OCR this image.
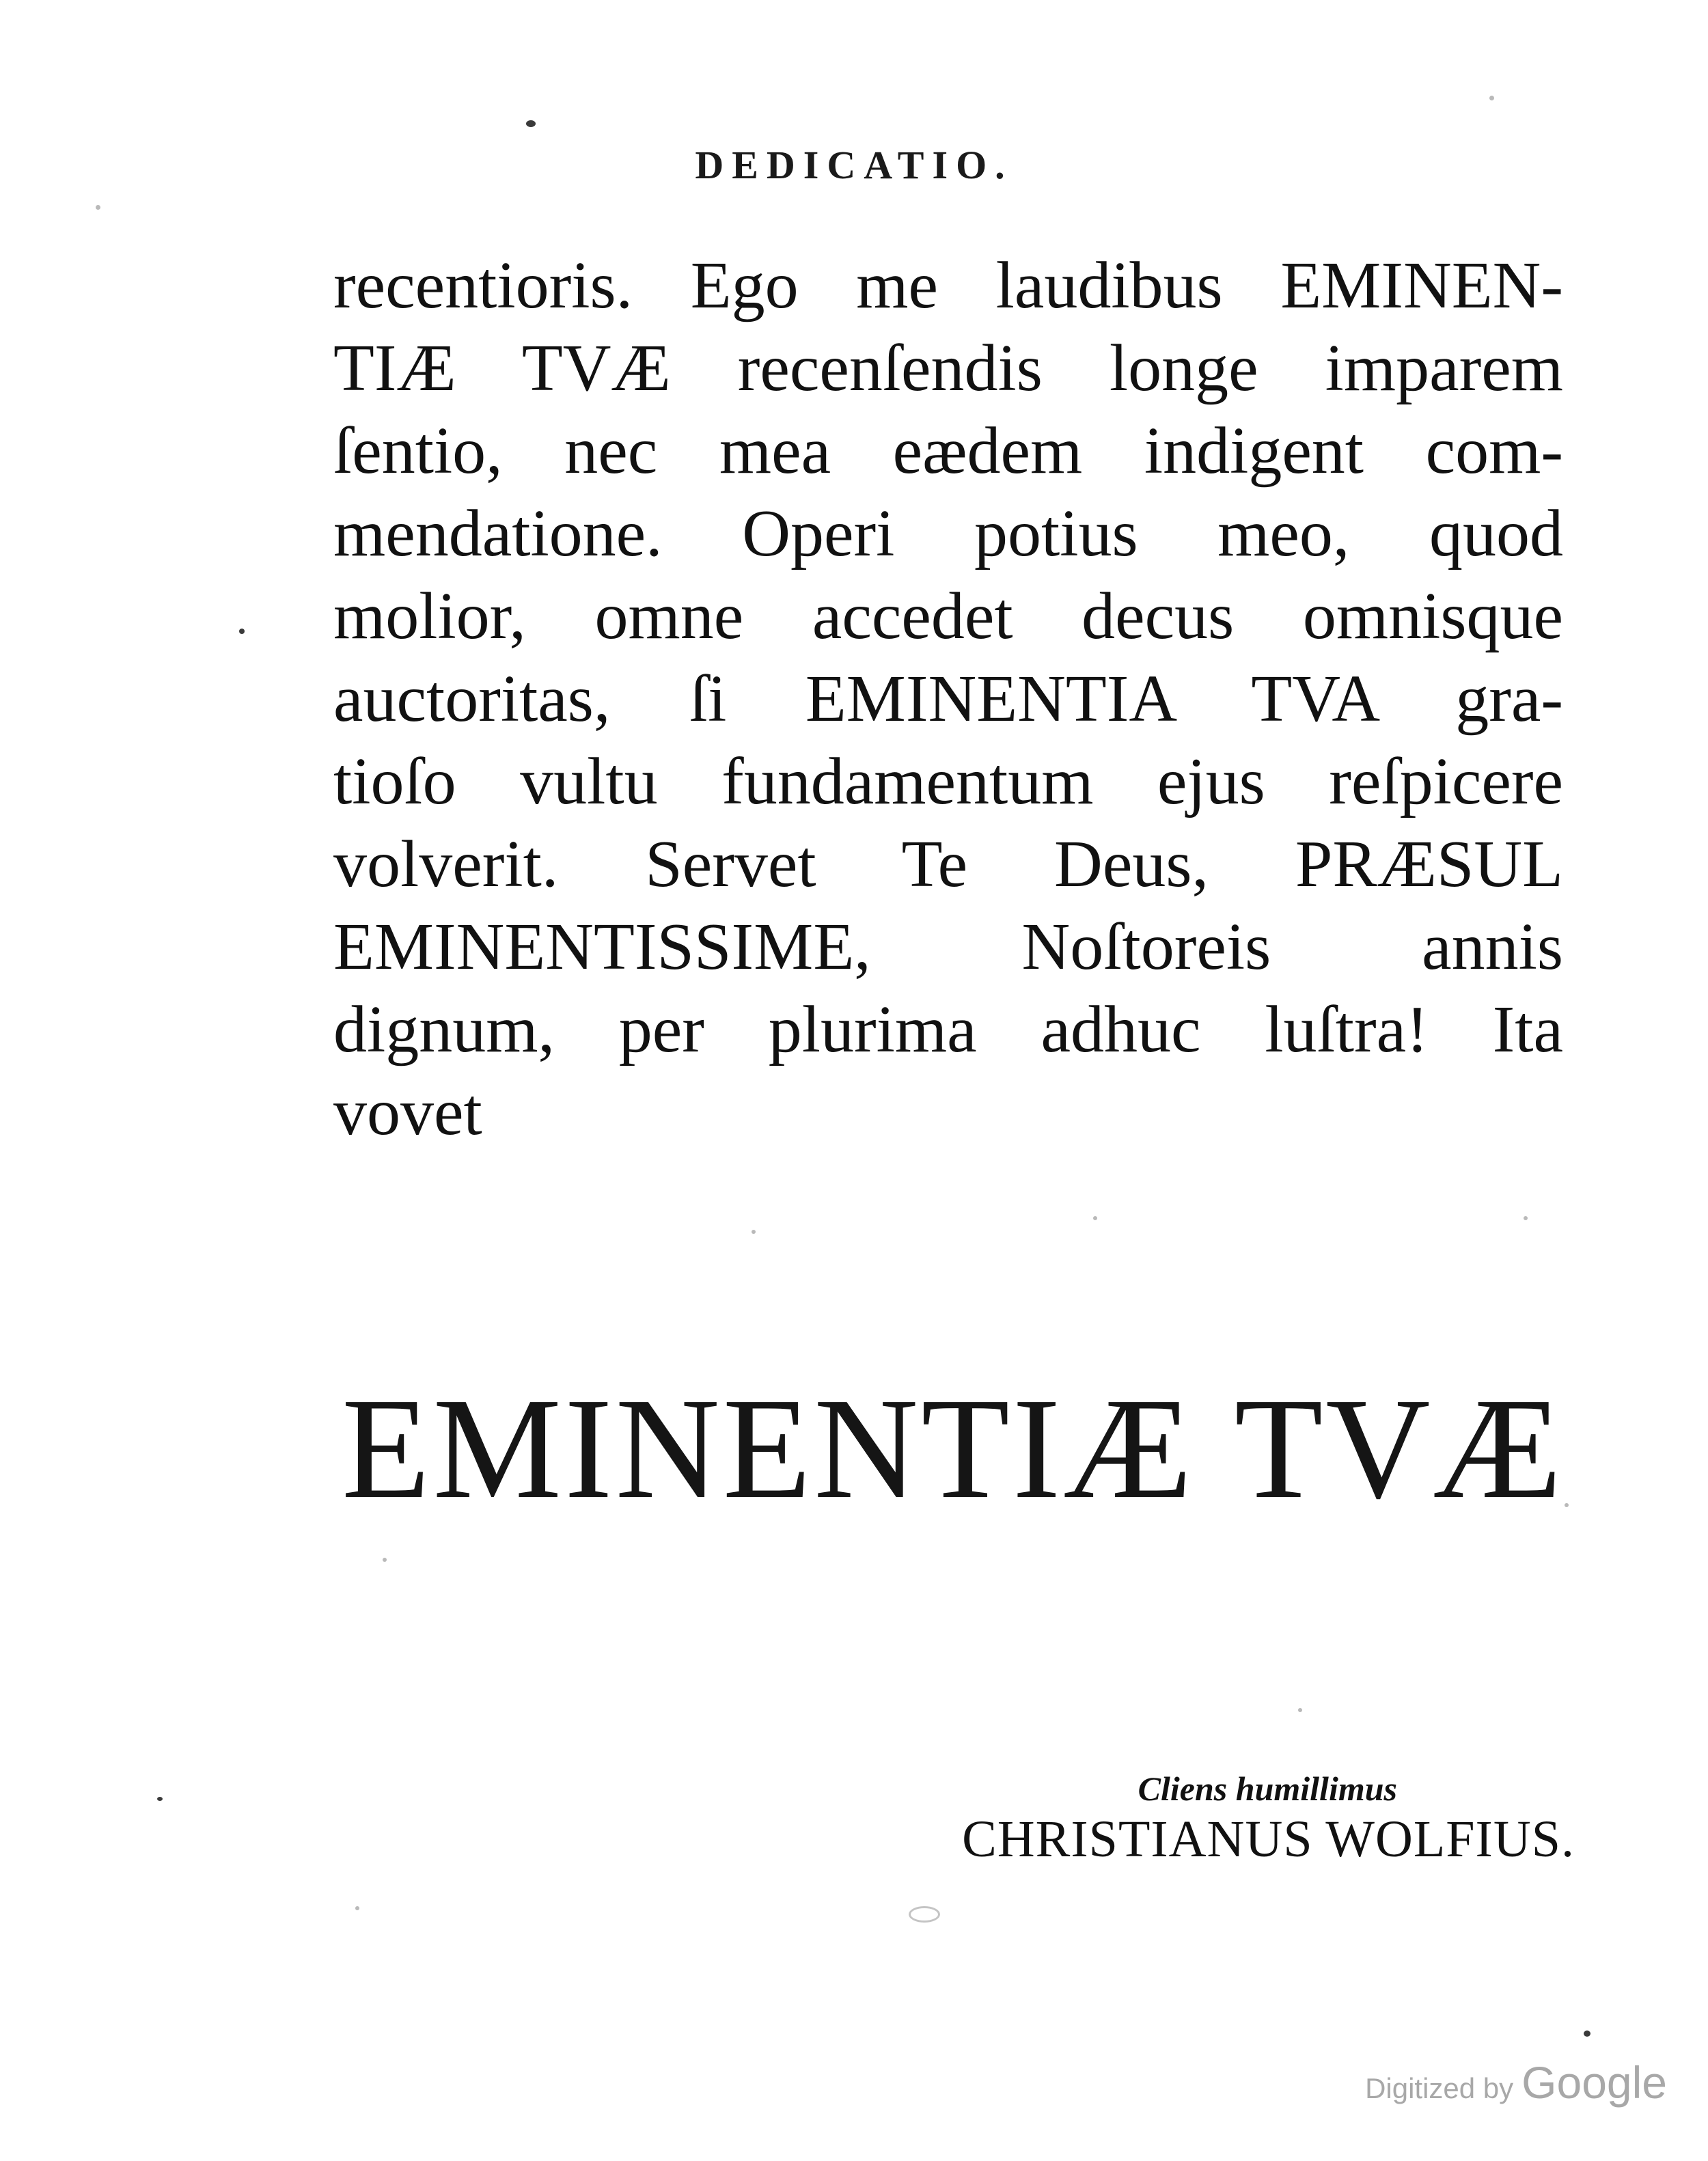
DEDICATIO.
recentioris. Ego me laudibus EMINEN-
TIÆ TVÆ recenſendis longe imparem
ſentio, nec mea eædem indigent com-
mendatione. Operi potius meo, quod
molior, omne accedet decus omnisque
auctoritas, ſi EMINENTIA TVA gra-
tioſo vultu fundamentum ejus reſpicere
volverit. Servet Te Deus, PRÆSUL
EMINENTISSIME, Noſtoreis annis
dignum, per plurima adhuc luſtra! Ita
vovet
EMINENTIÆ TVÆ
Cliens humillimus
CHRISTIANUS WOLFIUS.
Digitized by Google
